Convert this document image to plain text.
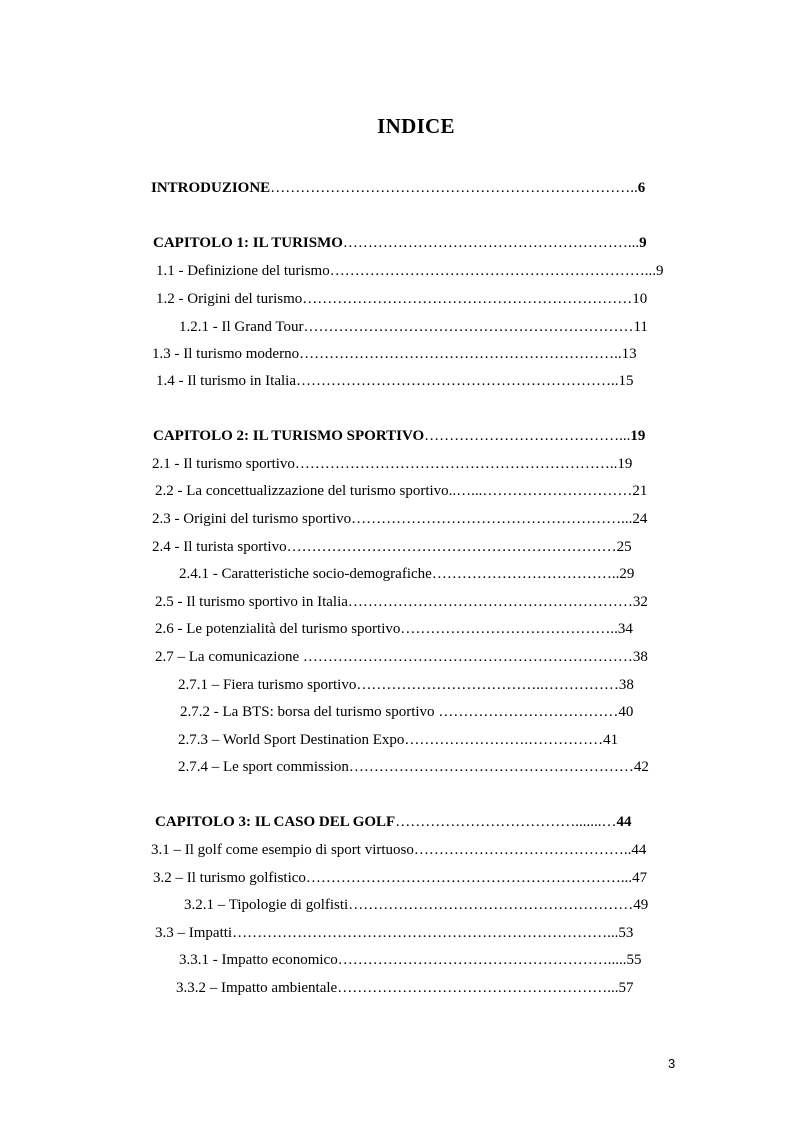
INDICE
INTRODUZIONE………………………………………………………………..6
CAPITOLO 1: IL TURISMO…………………………………………………...9
1.1 - Definizione del turismo………………………………………………………...9
1.2 - Origini del turismo…………………………………………………………10
1.2.1 - Il Grand Tour…………………………………………………………11
1.3 - Il turismo moderno………………………………………………………..13
1.4 - Il turismo in Italia………………………………………………………..15
CAPITOLO 2: IL TURISMO SPORTIVO…………………………………...19
2.1 - Il turismo sportivo………………………………………………………..19
2.2 - La concettualizzazione del turismo sportivo..…...…………………………21
2.3 - Origini del turismo sportivo………………………………………………...24
2.4 - Il turista sportivo…………………………………………………………25
2.4.1 - Caratteristiche socio-demografiche………………………………..29
2.5 - Il turismo sportivo in Italia…………………………………………………32
2.6 - Le potenzialità del turismo sportivo……………………………………..34
2.7 – La comunicazione …………………………………………………………38
2.7.1 – Fiera turismo sportivo………………………………..……………38
2.7.2 - La BTS: borsa del turismo sportivo ………………………………40
2.7.3 – World Sport Destination Expo…………………….……………41
2.7.4 – Le sport commission…………………………………………………42
CAPITOLO 3: IL CASO DEL GOLF……………………………….......…44
3.1 – Il golf come esempio di sport virtuoso……………………………………..44
3.2 – Il turismo golfistico………………………………………………………...47
3.2.1 – Tipologie di golfisti…………………………………………………49
3.3 – Impatti…………………………………………………………………...53
3.3.1 - Impatto economico……………………………………………….....55
3.3.2 – Impatto ambientale………………………………………………...57
3
